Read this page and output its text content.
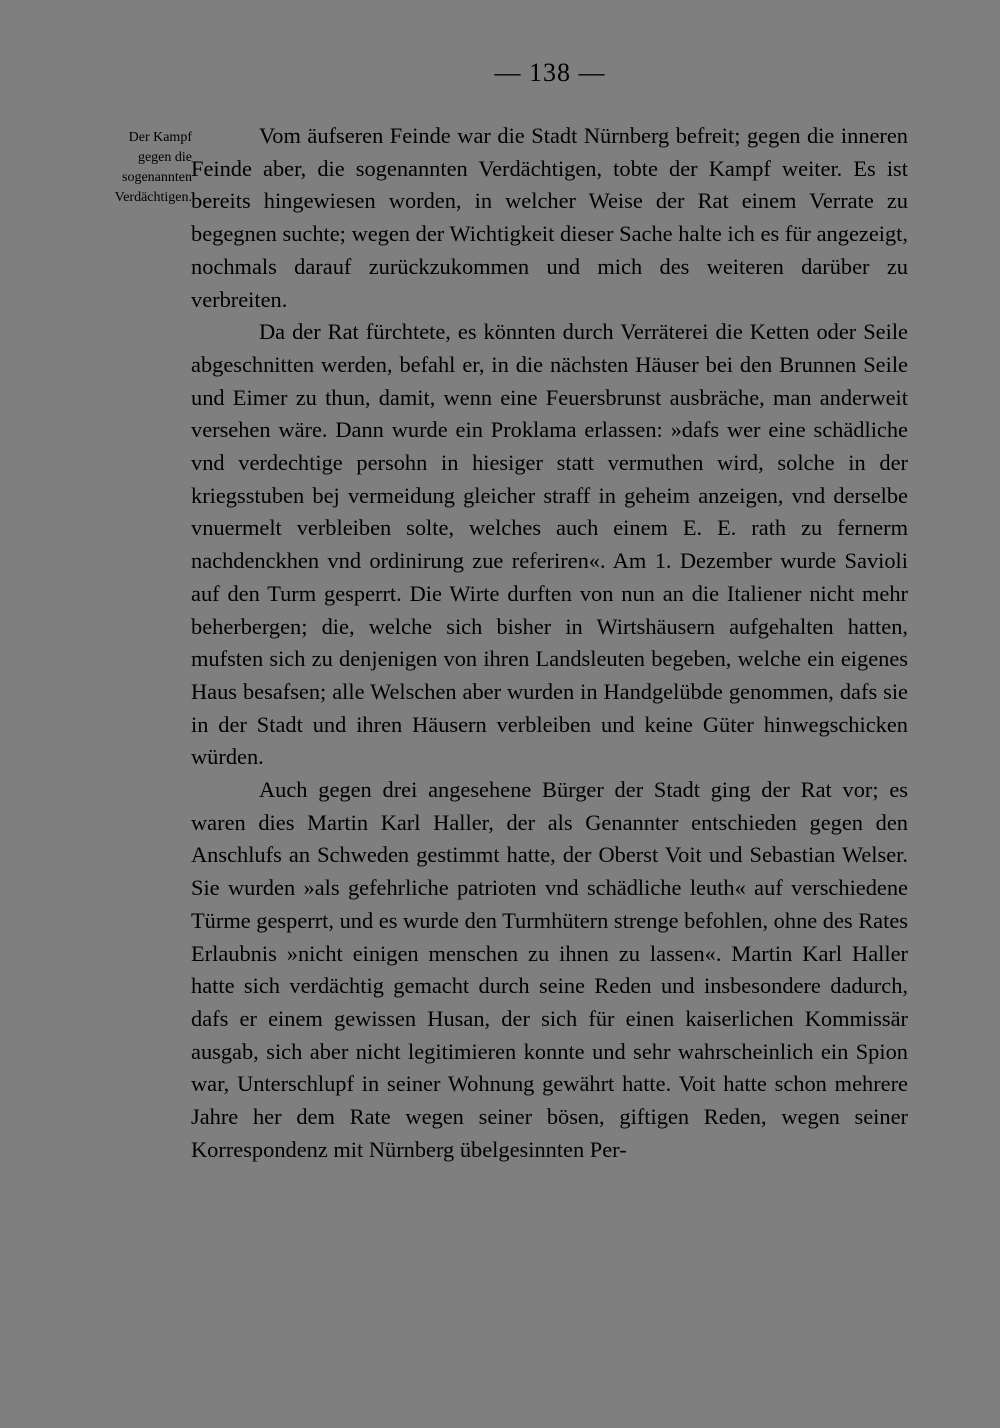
— 138 —
Der Kampf
gegen die
sogenannten
Verdächtigen.

Vom äufseren Feinde war die Stadt Nürnberg befreit; gegen die inneren Feinde aber, die sogenannten Verdächtigen, tobte der Kampf weiter. Es ist bereits hingewiesen worden, in welcher Weise der Rat einem Verrate zu begegnen suchte; wegen der Wichtigkeit dieser Sache halte ich es für angezeigt, nochmals darauf zurückzukommen und mich des weiteren darüber zu verbreiten.

Da der Rat fürchtete, es könnten durch Verräterei die Ketten oder Seile abgeschnitten werden, befahl er, in die nächsten Häuser bei den Brunnen Seile und Eimer zu thun, damit, wenn eine Feuersbrunst ausbräche, man anderweit versehen wäre. Dann wurde ein Proklama erlassen: »dafs wer eine schädliche vnd verdechtige persohn in hiesiger statt vermuthen wird, solche in der kriegsstuben bej vermeidung gleicher straff in geheim anzeigen, vnd derselbe vnuermelt verbleiben solte, welches auch einem E. E. rath zu fernerm nachdenckhen vnd ordinirung zue referiren«. Am 1. Dezember wurde Savioli auf den Turm gesperrt. Die Wirte durften von nun an die Italiener nicht mehr beherbergen; die, welche sich bisher in Wirtshäusern aufgehalten hatten, mufsten sich zu denjenigen von ihren Landsleuten begeben, welche ein eigenes Haus besafsen; alle Welschen aber wurden in Handgelübde genommen, dafs sie in der Stadt und ihren Häusern verbleiben und keine Güter hinwegschicken würden.

Auch gegen drei angesehene Bürger der Stadt ging der Rat vor; es waren dies Martin Karl Haller, der als Genannter entschieden gegen den Anschlufs an Schweden gestimmt hatte, der Oberst Voit und Sebastian Welser. Sie wurden »als gefehrliche patrioten vnd schädliche leuth« auf verschiedene Türme gesperrt, und es wurde den Turmhütern strenge befohlen, ohne des Rates Erlaubnis »nicht einigen menschen zu ihnen zu lassen«. Martin Karl Haller hatte sich verdächtig gemacht durch seine Reden und insbesondere dadurch, dafs er einem gewissen Husan, der sich für einen kaiserlichen Kommissär ausgab, sich aber nicht legitimieren konnte und sehr wahrscheinlich ein Spion war, Unterschlupf in seiner Wohnung gewährt hatte. Voit hatte schon mehrere Jahre her dem Rate wegen seiner bösen, giftigen Reden, wegen seiner Korrespondenz mit Nürnberg übelgesinnten Per-
